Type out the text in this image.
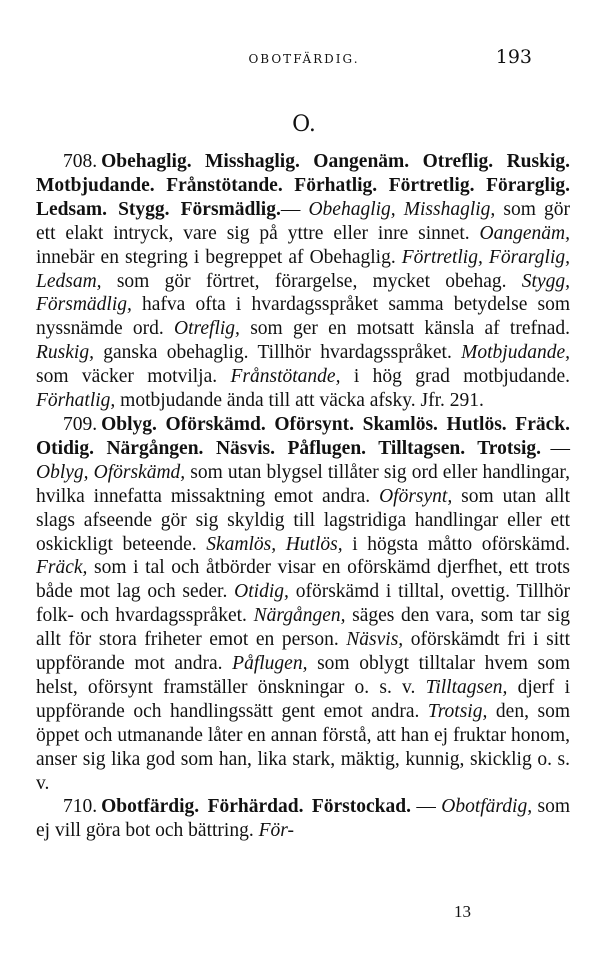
OBOTFÄRDIG.	193
O.

708. Obehaglig. Misshaglig. Oangenäm. Otreflig. Ruskig. Motbjudande. Frånstötande. Förhatlig. Förtretlig. Förarglig. Ledsam. Stygg. Försmädlig.— Obehaglig, Misshaglig, som gör ett elakt intryck, vare sig på yttre eller inre sinnet. Oangenäm, innebär en stegring i begreppet af Obehaglig. Förtretlig, Förarglig, Ledsam, som gör förtret, förargelse, mycket obehag. Stygg, Försmädlig, hafva ofta i hvardagsspråket samma betydelse som nyssnämde ord. Otreflig, som ger en motsatt känsla af trefnad. Ruskig, ganska obehaglig. Tillhör hvardagsspråket. Motbjudande, som väcker motvilja. Frånstötande, i hög grad motbjudande. Förhatlig, motbjudande ända till att väcka afsky. Jfr. 291.

709. Oblyg. Oförskämd. Oförsynt. Skamlös. Hutlös. Fräck. Otidig. Närgången. Näsvis. Påflugen. Tilltagsen. Trotsig. — Oblyg, Oförskämd, som utan blygsel tillåter sig ord eller handlingar, hvilka innefatta missaktning emot andra. Oförsynt, som utan allt slags afseende gör sig skyldig till lagstridiga handlingar eller ett oskickligt beteende. Skamlös, Hutlös, i högsta måtto oförskämd. Fräck, som i tal och åtbörder visar en oförskämd djerfhet, ett trots både mot lag och seder. Otidig, oförskämd i tilltal, ovettig. Tillhör folk- och hvardagsspråket. Närgången, säges den vara, som tar sig allt för stora friheter emot en person. Näsvis, oförskämdt fri i sitt uppförande mot andra. Påflugen, som oblygt tilltalar hvem som helst, oförsynt framställer önskningar o. s. v. Tilltagsen, djerf i uppförande och handlingssätt gent emot andra. Trotsig, den, som öppet och utmanande låter en annan förstå, att han ej fruktar honom, anser sig lika god som han, lika stark, mäktig, kunnig, skicklig o. s. v.

710. Obotfärdig. Förhärdad. Förstockad. — Obotfärdig, som ej vill göra bot och bättring. För-

13
